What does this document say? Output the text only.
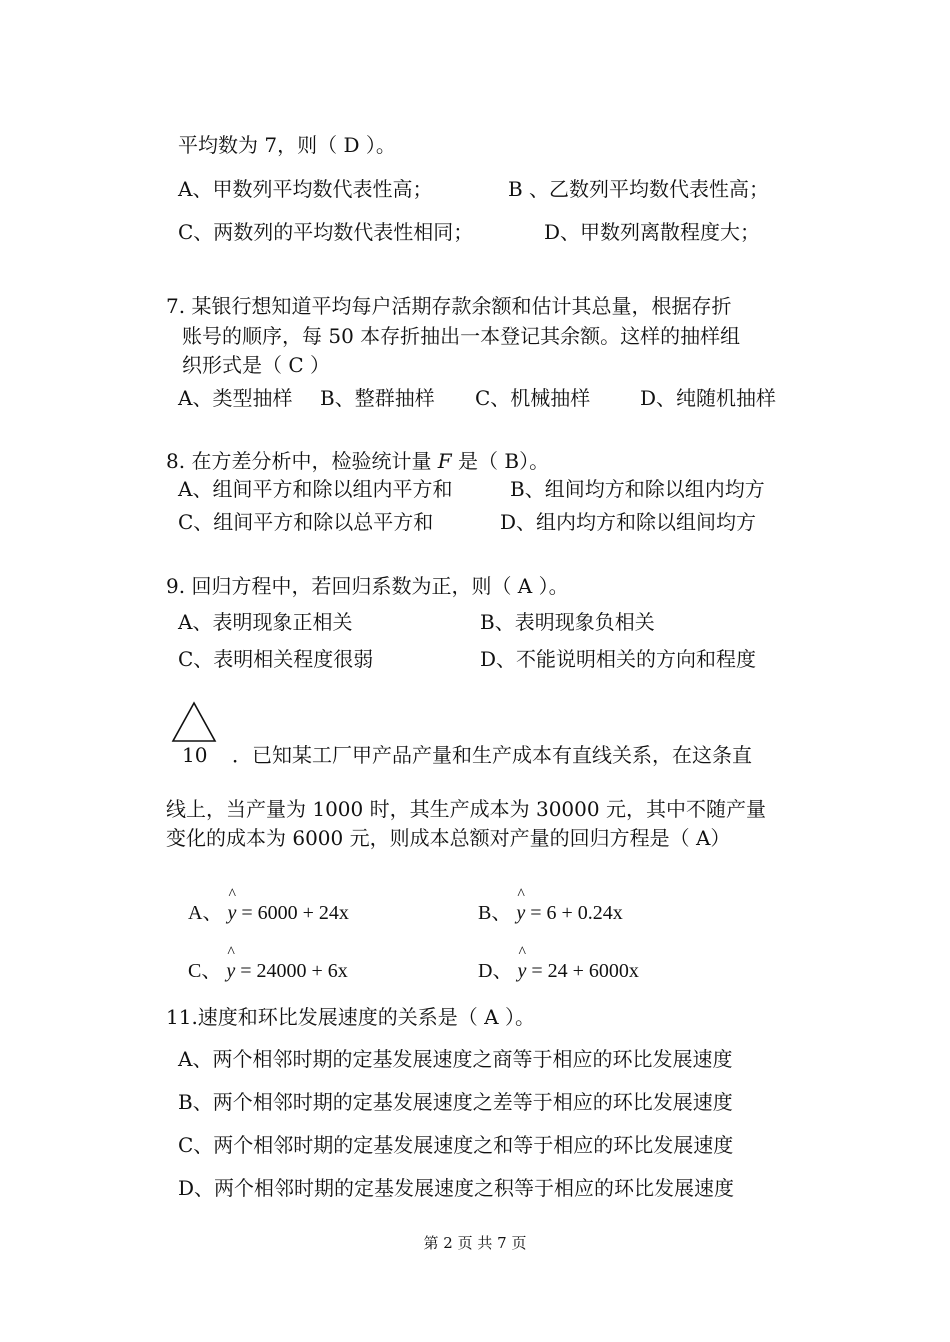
平均数为 7，则（ D ）。
A、甲数列平均数代表性高；	B 、乙数列平均数代表性高；
C、两数列的平均数代表性相同；	D、甲数列离散程度大；
7. 某银行想知道平均每户活期存款余额和估计其总量，根据存折
账号的顺序，每 50 本存折抽出一本登记其余额。这样的抽样组
织形式是（ C ）
A、类型抽样 B、整群抽样 C、机械抽样 D、纯随机抽样
8. 在方差分析中，检验统计量 F 是（ B）。
A、组间平方和除以组内平方和	B、组间均方和除以组内均方
C、组间平方和除以总平方和	D、组内均方和除以组间均方
9. 回归方程中，若回归系数为正，则（ A ）。
A、表明现象正相关	B、表明现象负相关
C、表明相关程度很弱	D、不能说明相关的方向和程度
10 ．已知某工厂甲产品产量和生产成本有直线关系，在这条直
线上，当产量为 1000 时，其生产成本为 30000 元，其中不随产量
变化的成本为 6000 元，则成本总额对产量的回归方程是（ A）
A、
^
y = 6000 + 24x	B、
^
y = 6 + 0.24x
C、
^
y = 24000 + 6x	D、
^
y = 24 + 6000x
11.速度和环比发展速度的关系是（ A ）。
A、两个相邻时期的定基发展速度之商等于相应的环比发展速度
B、两个相邻时期的定基发展速度之差等于相应的环比发展速度
C、两个相邻时期的定基发展速度之和等于相应的环比发展速度
D、两个相邻时期的定基发展速度之积等于相应的环比发展速度
第 2 页 共 7 页
